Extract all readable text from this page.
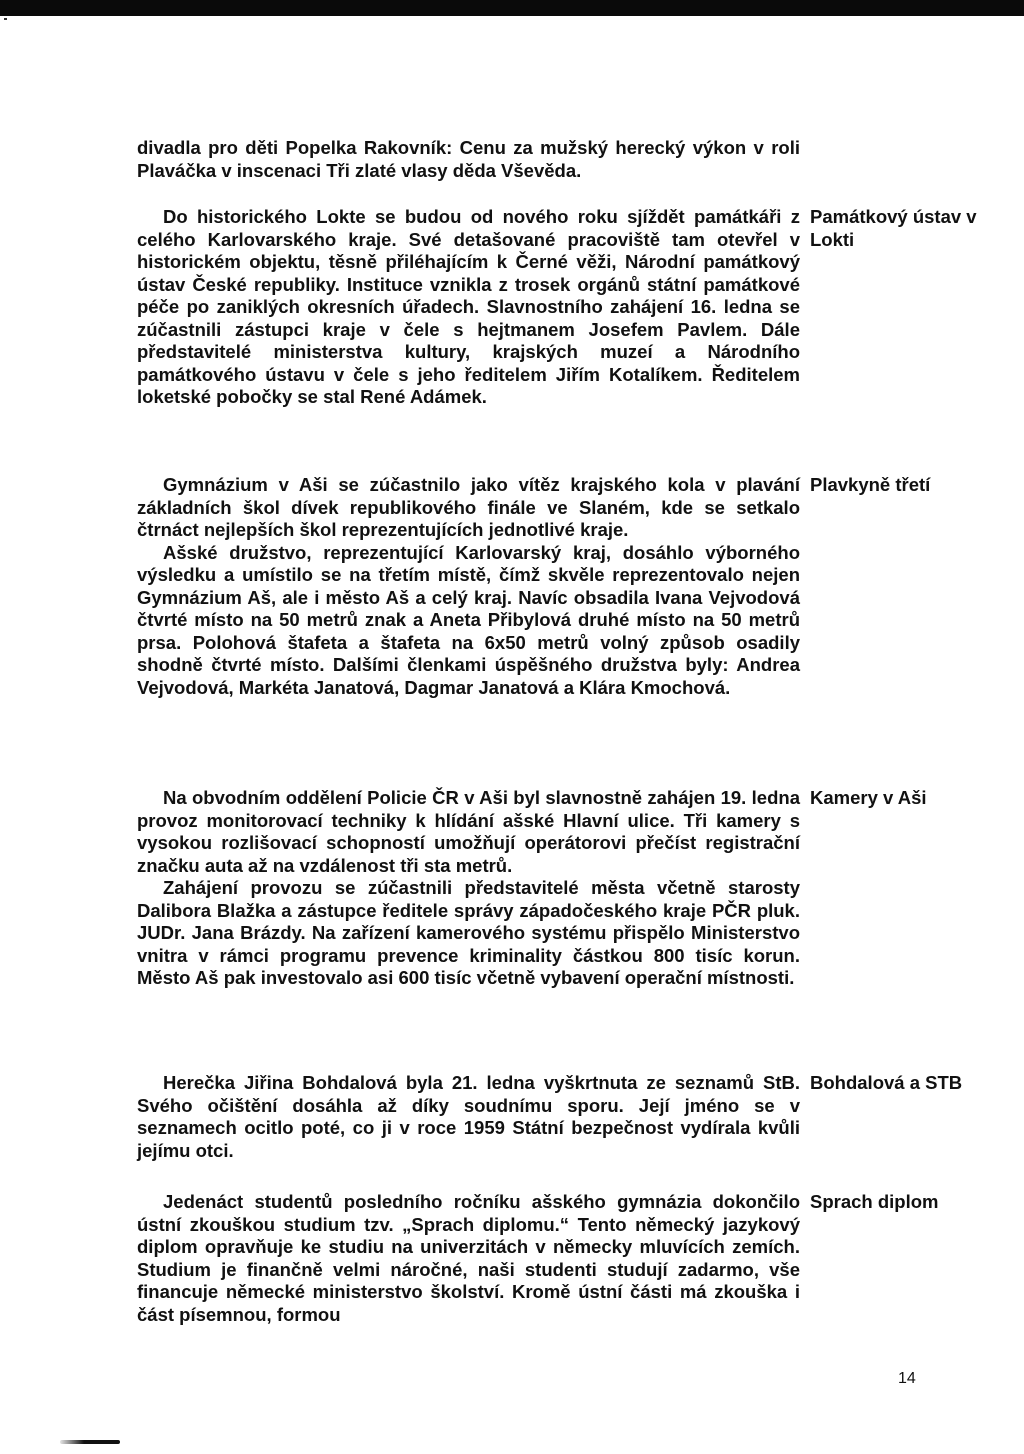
divadla pro děti Popelka Rakovník: Cenu za mužský herecký výkon v roli Plaváčka v inscenaci Tři zlaté vlasy děda Vševěda.

Do historického Lokte se budou od nového roku sjíždět památkáři z celého Karlovarského kraje. Své detašované pracoviště tam otevřel v historickém objektu, těsně přiléhajícím k Černé věži, Národní památkový ústav České republiky. Instituce vznikla z trosek orgánů státní památkové péče po zaniklých okresních úřadech. Slavnostního zahájení 16. ledna se zúčastnili zástupci kraje v čele s hejtmanem Josefem Pavlem. Dále představitelé ministerstva kultury, krajských muzeí a Národního památkového ústavu v čele s jeho ředitelem Jiřím Kotalíkem. Ředitelem loketské pobočky se stal René Adámek.

Památkový ústav v Lokti

Gymnázium v Aši se zúčastnilo jako vítěz krajského kola v plavání základních škol dívek republikového finále ve Slaném, kde se setkalo čtrnáct nejlepších škol reprezentujících jednotlivé kraje.

Ašské družstvo, reprezentující Karlovarský kraj, dosáhlo výborného výsledku a umístilo se na třetím místě, čímž skvěle reprezentovalo nejen Gymnázium Aš, ale i město Aš a celý kraj. Navíc obsadila Ivana Vejvodová čtvrté místo na 50 metrů znak a Aneta Přibylová druhé místo na 50 metrů prsa. Polohová štafeta a štafeta na 6x50 metrů volný způsob osadily shodně čtvrté místo. Dalšími členkami úspěšného družstva byly: Andrea Vejvodová, Markéta Janatová, Dagmar Janatová a Klára Kmochová.

Plavkyně třetí

Na obvodním oddělení Policie ČR v Aši byl slavnostně zahájen 19. ledna provoz monitorovací techniky k hlídání ašské Hlavní ulice. Tři kamery s vysokou rozlišovací schopností umožňují operátorovi přečíst registrační značku auta až na vzdálenost tři sta metrů.

Zahájení provozu se zúčastnili představitelé města včetně starosty Dalibora Blažka a zástupce ředitele správy západočeského kraje PČR pluk. JUDr. Jana Brázdy. Na zařízení kamerového systému přispělo Ministerstvo vnitra v rámci programu prevence kriminality částkou 800 tisíc korun. Město Aš pak investovalo asi 600 tisíc včetně vybavení operační místnosti.

Kamery v Aši

Herečka Jiřina Bohdalová byla 21. ledna vyškrtnuta ze seznamů StB. Svého očištění dosáhla až díky soudnímu sporu. Její jméno se v seznamech ocitlo poté, co ji v roce 1959 Státní bezpečnost vydírala kvůli jejímu otci.

Bohdalová a STB

Jedenáct studentů posledního ročníku ašského gymnázia dokončilo ústní zkouškou studium tzv. „Sprach diplomu.“ Tento německý jazykový diplom opravňuje ke studiu na univerzitách v německy mluvících zemích. Studium je finančně velmi náročné, naši studenti studují zadarmo, vše financuje německé ministerstvo školství. Kromě ústní části má zkouška i část písemnou, formou

Sprach diplom
14
